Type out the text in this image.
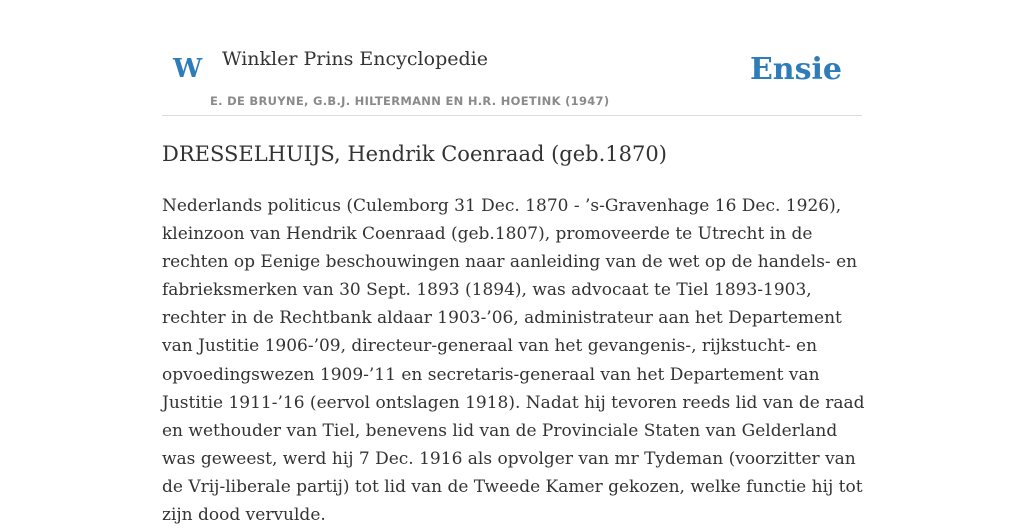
W Winkler Prins Encyclopedie	Ensie
E. DE BRUYNE, G.B.J. HILTERMANN EN H.R. HOETINK (1947)
DRESSELHUIJS, Hendrik Coenraad (geb.1870)

Nederlands politicus (Culemborg 31 Dec. 1870 - ’s-Gravenhage 16 Dec. 1926), kleinzoon van Hendrik Coenraad (geb.1807), promoveerde te Utrecht in de rechten op Eenige beschouwingen naar aanleiding van de wet op de handels- en fabrieksmerken van 30 Sept. 1893 (1894), was advocaat te Tiel 1893-1903, rechter in de Rechtbank aldaar 1903-’06, administrateur aan het Departement van Justitie 1906-’09, directeur-generaal van het gevangenis-, rijkstucht- en opvoedingswezen 1909-’11 en secretaris-generaal van het Departement van Justitie 1911-’16 (eervol ontslagen 1918). Nadat hij tevoren reeds lid van de raad en wethouder van Tiel, benevens lid van de Provinciale Staten van Gelderland was geweest, werd hij 7 Dec. 1916 als opvolger van mr Tydeman (voorzitter van de Vrij-liberale partij) tot lid van de Tweede Kamer gekozen, welke functie hij tot zijn dood vervulde.
